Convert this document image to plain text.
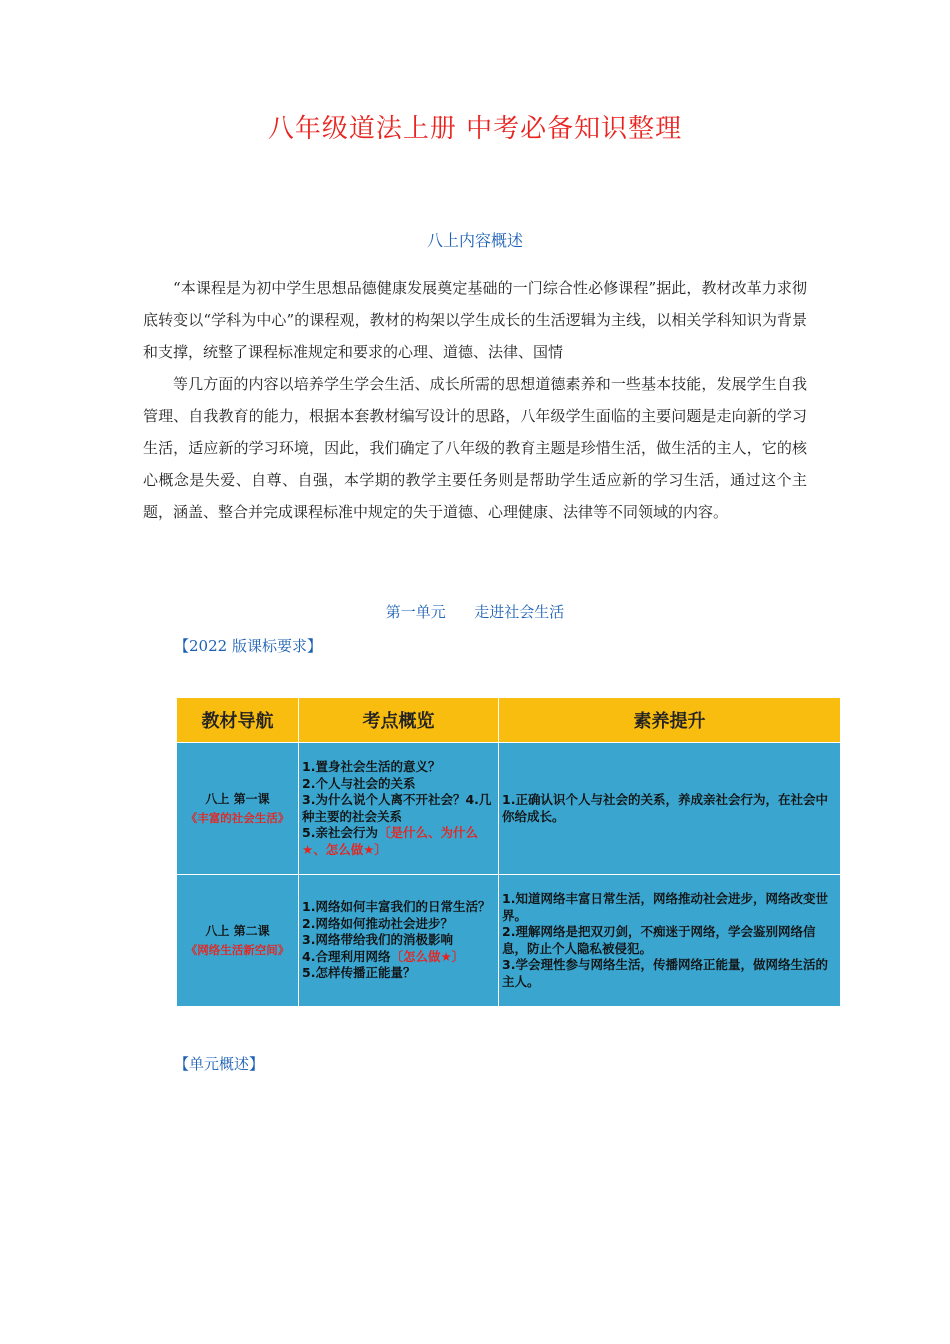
八年级道法上册 中考必备知识整理
八上内容概述

“本课程是为初中学生思想品德健康发展奠定基础的一门综合性必修课程”据此，教材改革力求彻底转变以“学科为中心”的课程观，教材的构架以学生成长的生活逻辑为主线，以相关学科知识为背景和支撑，统整了课程标准规定和要求的心理、道德、法律、国情

等几方面的内容以培养学生学会生活、成长所需的思想道德素养和一些基本技能，发展学生自我管理、自我教育的能力，根据本套教材编写设计的思路，八年级学生面临的主要问题是走向新的学习生活，适应新的学习环境，因此，我们确定了八年级的教育主题是珍惜生活，做生活的主人，它的核心概念是失爱、自尊、自强，本学期的教学主要任务则是帮助学生适应新的学习生活，通过这个主题，涵盖、整合并完成课程标准中规定的失于道德、心理健康、法律等不同领域的内容。

第一单元      走进社会生活
【2022 版课标要求】
教材导航	考点概览	素养提升

八上 第一课
《丰富的社会生活》	1.置身社会生活的意义？
2.个人与社会的关系
3.为什么说个人离不开社会？4.几种主要的社会关系
5.亲社会行为〔是什么、为什么★、怎么做★〕	1.正确认识个人与社会的关系，养成亲社会行为，在社会中你给成长。

八上 第二课
《网络生活新空间》	1.网络如何丰富我们的日常生活？
2.网络如何推动社会进步？
3.网络带给我们的消极影响
4.合理利用网络〔怎么做★〕
5.怎样传播正能量？	1.知道网络丰富日常生活，网络推动社会进步，网络改变世界。
2.理解网络是把双刃剑，不痴迷于网络，学会鉴别网络信息，防止个人隐私被侵犯。
3.学会理性参与网络生活，传播网络正能量，做网络生活的主人。
【单元概述】
